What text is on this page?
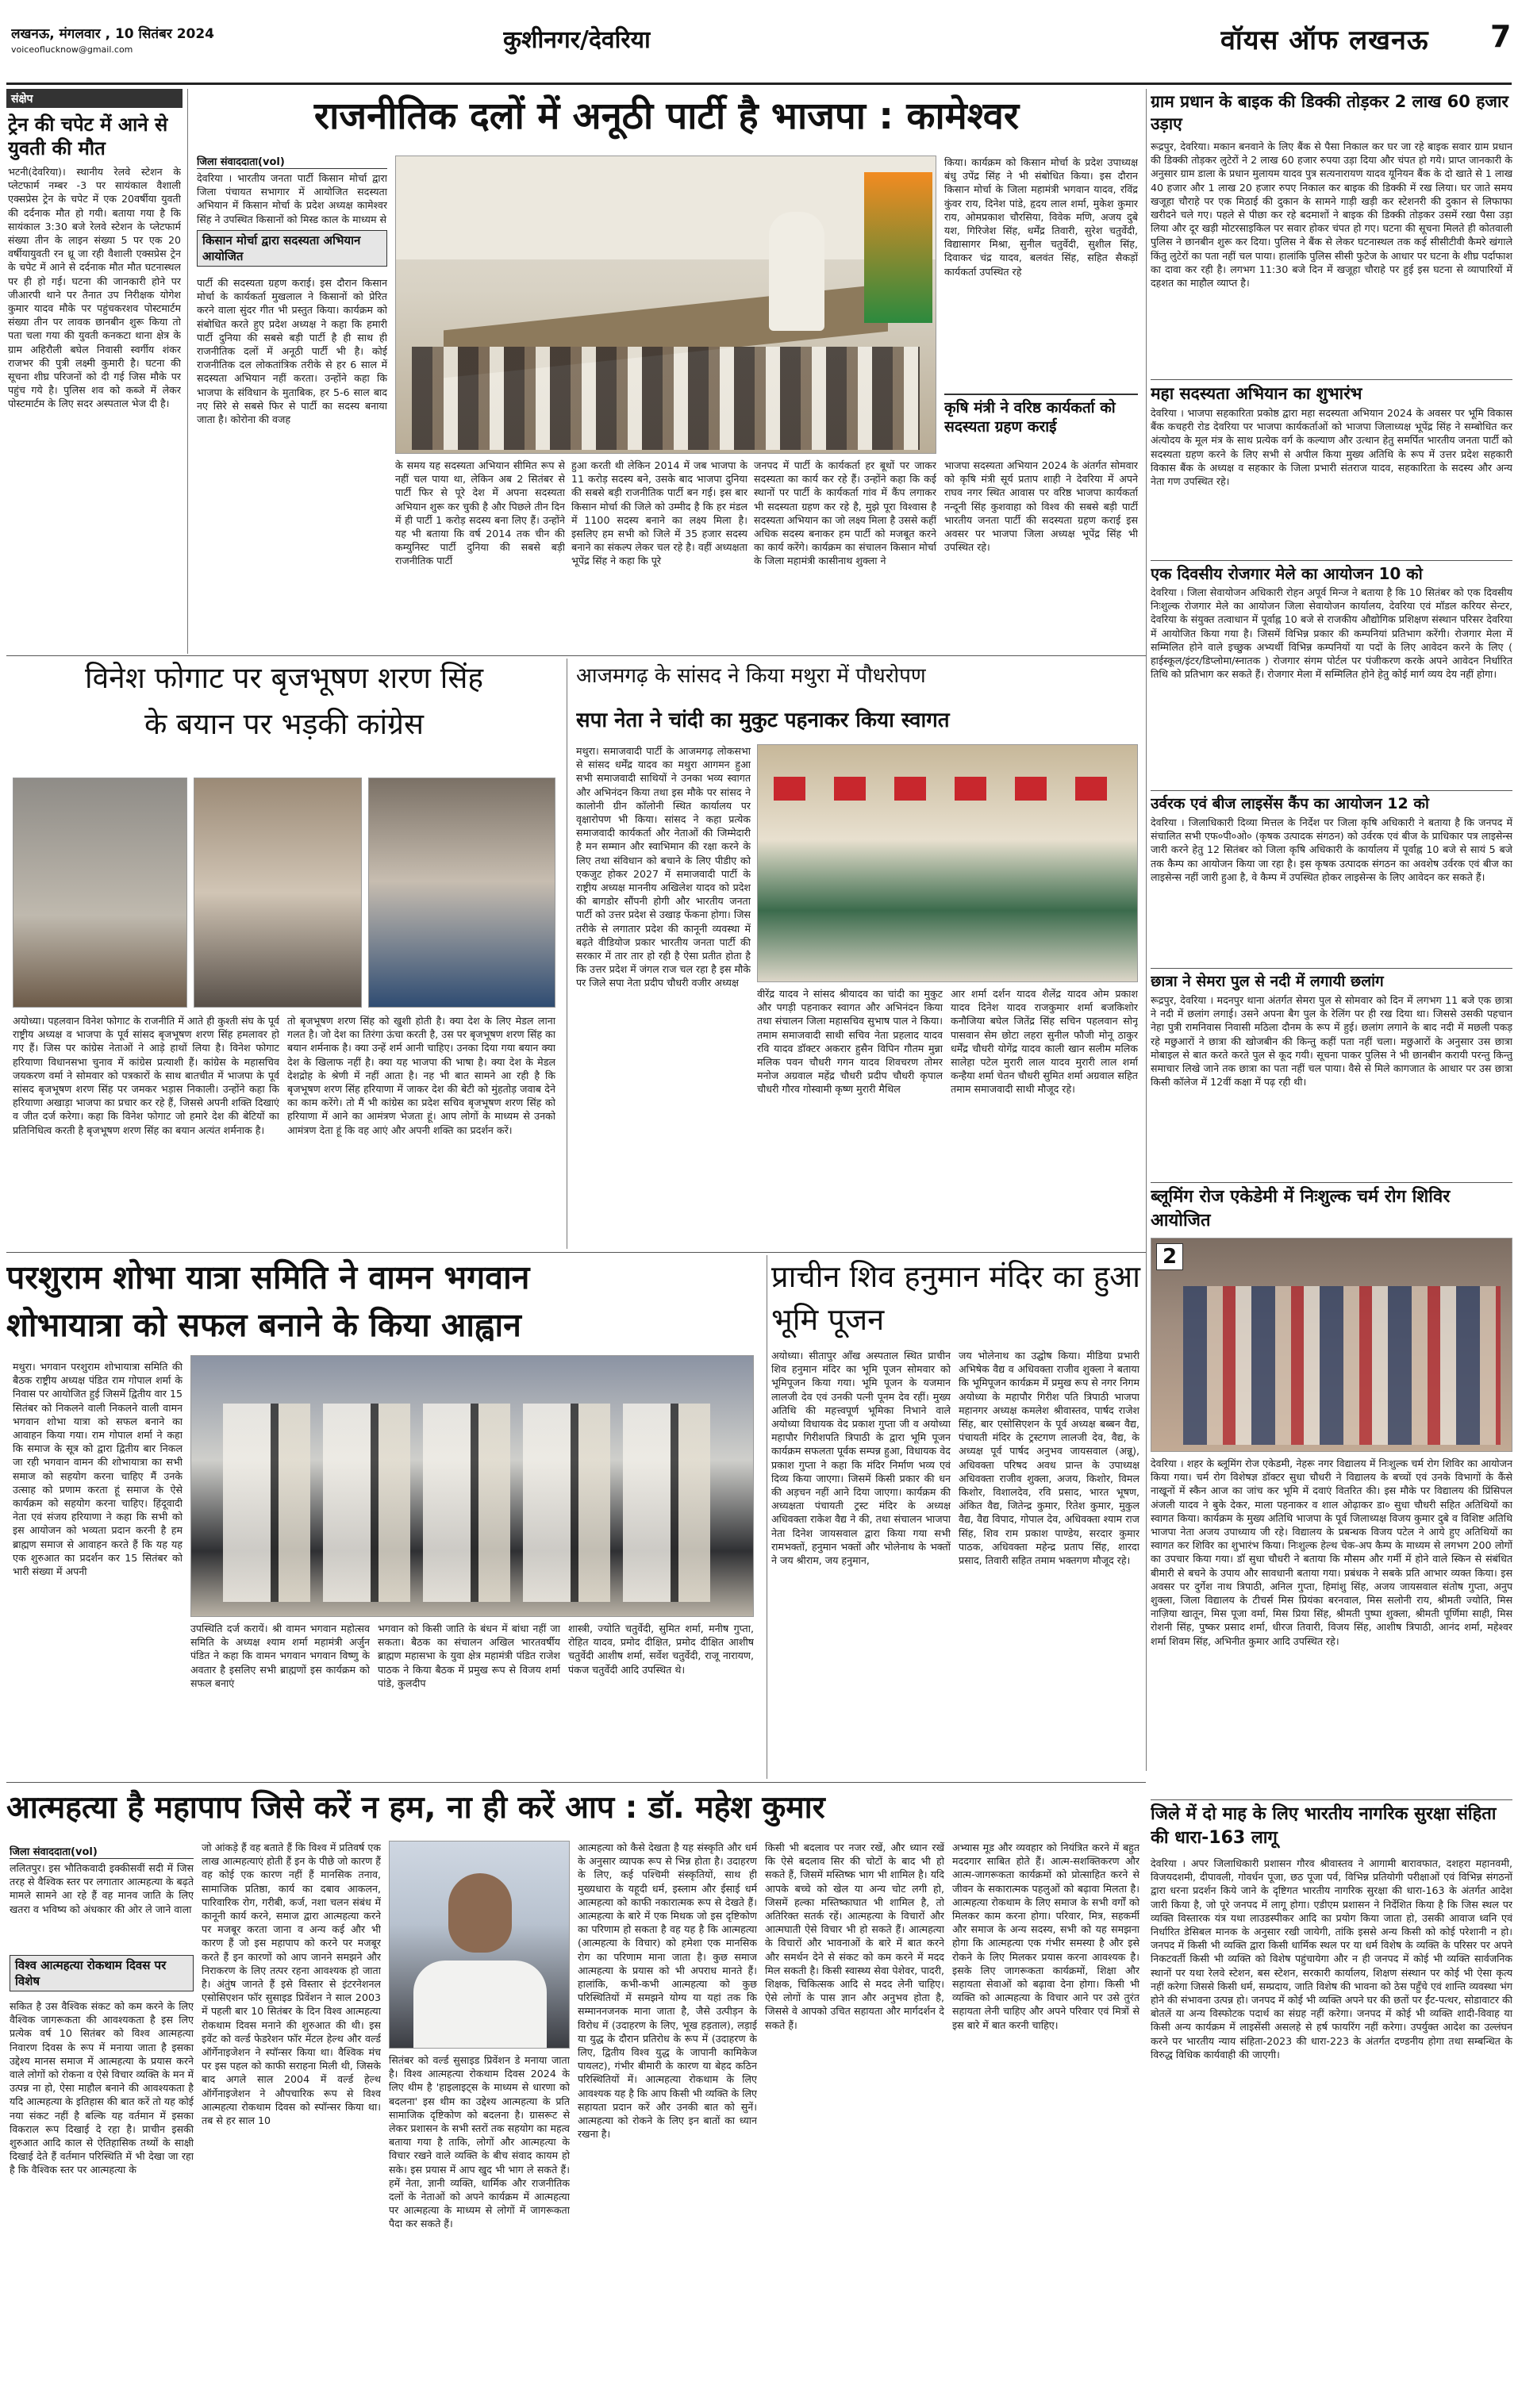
लखनऊ, मंगलवार , 10 सितंबर 2024
voiceoflucknow@gmail.com	कुशीनगर/देवरिया	वॉयस ऑफ लखनऊ 7
संक्षेप
ट्रेन की चपेट में आने से युवती की मौत
भटनी(देवरिया)। स्थानीय रेलवे स्टेशन के प्लेटफार्म नम्बर -3 पर सायंकाल वैशाली एक्सप्रेस ट्रेन के चपेट में एक 20वर्षीया युवती की दर्दनाक मौत हो गयी। बताया गया है कि सायंकाल 3:30 बजे रेलवे स्टेशन के प्लेटफार्म संख्या तीन के लाइन संख्या 5 पर एक 20 वर्षीयायुवती रन थ्रू जा रही वैशाली एक्सप्रेस ट्रेन के चपेट में आने से दर्दनाक मौत मौत घटनास्थल पर ही हो गई। घटना की जानकारी होने पर जीआरपी थाने पर तैनात उप निरीक्षक योगेश कुमार यादव मौके पर पहुंचकरशव पोस्टमार्टम संख्या तीन पर लावक छानबीन शुरू किया तो पता चला गया की युवती कनकटा थाना क्षेत्र के ग्राम अहिरौली बघेल निवासी स्वर्गीय शंकर राजभर की पुत्री लक्ष्मी कुमारी है। घटना की सूचना शीघ्र परिजनों को दी गई जिस मौके पर पहुंच गये है। पुलिस शव को कब्जे में लेकर पोस्टमार्टम के लिए सदर अस्पताल भेज दी है।
राजनीतिक दलों में अनूठी पार्टी है भाजपा : कामेश्वर
जिला संवाददाता(vol)
देवरिया । भारतीय जनता पार्टी किसान मोर्चा द्वारा जिला पंचायत सभागार में आयोजित सदस्यता अभियान में किसान मोर्चा के प्रदेश अध्यक्ष कामेश्वर सिंह ने उपस्थित किसानों को मिस्ड काल के माध्यम से
किसान मोर्चा द्वारा सदस्यता अभियान आयोजित
पार्टी की सदस्यता ग्रहण कराई। इस दौरान किसान मोर्चा के कार्यकर्ता मुखलाल ने किसानों को प्रेरित करने वाला सुंदर गीत भी प्रस्तुत किया। कार्यक्रम को संबोधित करते हुए प्रदेश अध्यक्ष ने कहा कि हमारी पार्टी दुनिया की सबसे बड़ी पार्टी है ही साथ ही राजनीतिक दलों में अनूठी पार्टी भी है। कोई राजनीतिक दल लोकतांत्रिक तरीके से हर 6 साल में सदस्यता अभियान नहीं करता। उन्होंने कहा कि भाजपा के संविधान के मुताबिक, हर 5-6 साल बाद नए सिरे से सबसे फिर से पार्टी का सदस्य बनाया जाता है। कोरोना की वजह
के समय यह सदस्यता अभियान सीमित रूप से नहीं चल पाया था, लेकिन अब 2 सितंबर से पार्टी फिर से पूरे देश में अपना सदस्यता अभियान शुरू कर चुकी है और पिछले तीन दिन में ही पार्टी 1 करोड़ सदस्य बना लिए हैं। उन्होंने यह भी बताया कि वर्ष 2014 तक चीन की कम्युनिस्ट पार्टी दुनिया की सबसे बड़ी राजनीतिक पार्टी
हुआ करती थी लेकिन 2014 में जब भाजपा के 11 करोड़ सदस्य बने, उसके बाद भाजपा दुनिया की सबसे बड़ी राजनीतिक पार्टी बन गई। इस बार किसान मोर्चा की जिले को उम्मीद है कि हर मंडल में 1100 सदस्य बनाने का लक्ष्य मिला है। इसलिए हम सभी को जिले में 35 हजार सदस्य बनाने का संकल्प लेकर चल रहे है। वहीं अध्यक्षता भूपेंद्र सिंह ने कहा कि पूरे
जनपद में पार्टी के कार्यकर्ता हर बूथों पर जाकर सदस्यता का कार्य कर रहे हैं। उन्होंने कहा कि कई स्थानों पर पार्टी के कार्यकर्ता गांव में कैंप लगाकर भी सदस्यता ग्रहण कर रहे है, मुझे पूरा विश्वास है सदस्यता अभियान का जो लक्ष्य मिला है उससे कहीं अधिक सदस्य बनाकर हम पार्टी को मजबूत करने का कार्य करेंगे। कार्यक्रम का संचालन किसान मोर्चा के जिला महामंत्री कासीनाथ शुक्ला ने
किया। कार्यक्रम को किसान मोर्चा के प्रदेश उपाध्यक्ष बंधु उपेंद्र सिंह ने भी संबोधित किया। इस दौरान किसान मोर्चा के जिला महामंत्री भगवान यादव, रविंद्र कुंवर राय, दिनेश पांडे, हृदय लाल शर्मा, मुकेश कुमार राय, ओमप्रकाश चौरसिया, विवेक मणि, अजय दुबे यश, गिरिजेश सिंह, धर्मेंद्र तिवारी, सुरेश चतुर्वेदी, विद्यासागर मिश्रा, सुनील चतुर्वेदी, सुशील सिंह, दिवाकर चंद्र यादव, बलवंत सिंह, सहित सैकड़ों कार्यकर्ता उपस्थित रहे
कृषि मंत्री ने वरिष्ठ कार्यकर्ता को सदस्यता ग्रहण कराई
भाजपा सदस्यता अभियान 2024 के अंतर्गत सोमवार को कृषि मंत्री सूर्य प्रताप शाही ने देवरिया में अपने राघव नगर स्थित आवास पर वरिष्ठ भाजपा कार्यकर्ता नन्दूनी सिंह कुशवाहा को विश्व की सबसे बड़ी पार्टी भारतीय जनता पार्टी की सदस्यता ग्रहण कराई इस अवसर पर भाजपा जिला अध्यक्ष भूपेंद्र सिंह भी उपस्थित रहे।
ग्राम प्रधान के बाइक की डिक्की तोड़कर 2 लाख 60 हजार उड़ाए
रूद्रपुर, देवरिया। मकान बनवाने के लिए बैंक से पैसा निकाल कर घर जा रहे बाइक सवार ग्राम प्रधान की डिक्की तोड़कर लुटेरों ने 2 लाख 60 हजार रुपया उड़ा दिया और चंपत हो गये। प्राप्त जानकारी के अनुसार ग्राम डाला के प्रधान मुलायम यादव पुत्र सत्यनारायण यादव यूनियन बैंक के दो खाते से 1 लाख 40 हजार और 1 लाख 20 हजार रुपए निकाल कर बाइक की डिक्की में रख लिया। घर जाते समय खजूहा चौराहे पर एक मिठाई की दुकान के सामने गाड़ी खड़ी कर स्टेशनरी की दुकान से लिफाफा खरीदने चले गए। पहले से पीछा कर रहे बदमाशों ने बाइक की डिक्की तोड़कर उसमें रखा पैसा उड़ा लिया और दूर खड़ी मोटरसाइकिल पर सवार होकर चंपत हो गए। घटना की सूचना मिलते ही कोतवाली पुलिस ने छानबीन शुरू कर दिया। पुलिस ने बैंक से लेकर घटनास्थल तक कई सीसीटीवी कैमरे खंगाले किंतु लुटेरों का पता नहीं चल पाया। हालांकि पुलिस सीसी फुटेज के आधार पर घटना के शीघ्र पर्दाफाश का दावा कर रही है। लगभग 11:30 बजे दिन में खजूहा चौराहे पर हुई इस घटना से व्यापारियों में दहशत का माहौल व्याप्त है।
महा सदस्यता अभियान का शुभारंभ
देवरिया । भाजपा सहकारिता प्रकोष्ठ द्वारा महा सदस्यता अभियान 2024 के अवसर पर भूमि विकास बैंक कचहरी रोड देवरिया पर भाजपा कार्यकर्ताओं को भाजपा जिलाध्यक्ष भूपेंद्र सिंह ने सम्बोधित कर अंत्योदय के मूल मंत्र के साथ प्रत्येक वर्ग के कल्याण और उत्थान हेतु समर्पित भारतीय जनता पार्टी को सदस्यता ग्रहण करने के लिए सभी से अपील किया मुख्य अतिथि के रूप में उत्तर प्रदेश सहकारी विकास बैंक के अध्यक्ष व सहकार के जिला प्रभारी संतराज यादव, सहकारिता के सदस्य और अन्य नेता गण उपस्थित रहे।
एक दिवसीय रोजगार मेले का आयोजन 10 को
देवरिया । जिला सेवायोजन अधिकारी रोहन अपूर्व मिन्ज ने बताया है कि 10 सितंबर को एक दिवसीय निःशुल्क रोजगार मेले का आयोजन जिला सेवायोजन कार्यालय, देवरिया एवं मॉडल करियर सेन्टर, देवरिया के संयुक्त तत्वाधान में पूर्वाह्न 10 बजे से राजकीय औद्योगिक प्रशिक्षण संस्थान परिसर देवरिया में आयोजित किया गया है। जिसमें विभिन्न प्रकार की कम्पनियां प्रतिभाग करेंगी। रोजगार मेला में सम्मिलित होने वाले इच्छुक अभ्यर्थी विभिन्न कम्पनियों या पदों के लिए आवेदन करने के लिए ( हाईस्कूल/इंटर/डिप्लोमा/स्नातक ) रोजगार संगम पोर्टल पर पंजीकरण करके अपने आवेदन निर्धारित तिथि को प्रतिभाग कर सकते हैं। रोजगार मेला में सम्मिलित होने हेतु कोई मार्ग व्यय देय नहीं होगा।
उर्वरक एवं बीज लाइसेंस कैंप का आयोजन 12 को
देवरिया । जिलाधिकारी दिव्या मित्तल के निर्देश पर जिला कृषि अधिकारी ने बताया है कि जनपद में संचालित सभी एफ०पी०ओ० (कृषक उत्पादक संगठन) को उर्वरक एवं बीज के प्राधिकार पत्र लाइसेन्स जारी करने हेतु 12 सितंबर को जिला कृषि अधिकारी के कार्यालय में पूर्वाह्न 10 बजे से सायं 5 बजे तक कैम्प का आयोजन किया जा रहा है। इस कृषक उत्पादक संगठन का अवशेष उर्वरक एवं बीज का लाइसेन्स नहीं जारी हुआ है, वे कैम्प में उपस्थित होकर लाइसेन्स के लिए आवेदन कर सकते हैं।
छात्रा ने सेमरा पुल से नदी में लगायी छलांग
रूद्रपुर, देवरिया । मदनपुर थाना अंतर्गत सेमरा पुल से सोमवार को दिन में लगभग 11 बजे एक छात्रा ने नदी में छलांग लगाई। उसने अपना बैग पुल के रेलिंग पर ही रख दिया था। जिससे उसकी पहचान नेहा पुत्री रामनिवास निवासी मठिला दौनम के रूप में हुई। छलांग लगाने के बाद नदी में मछली पकड़ रहे मछुआरों ने छात्रा की खोजबीन की किन्तु कहीं पता नहीं चला। मछुआरों के अनुसार उस छात्रा मोबाइल से बात करते करते पुल से कूद गयी। सूचना पाकर पुलिस ने भी छानबीन करायी परन्तु किन्तु समाचार लिखे जाने तक छात्रा का पता नहीं चल पाया। वैसे से मिले कागजात के आधार पर उस छात्रा किसी कॉलेज में 12वीं कक्षा में पढ़ रही थी।
ब्लूमिंग रोज एकेडेमी में निःशुल्क चर्म रोग शिविर आयोजित
2
देवरिया । शहर के ब्लूमिंग रोज एकेडमी, नेहरू नगर विद्यालय में निःशुल्क चर्म रोग शिविर का आयोजन किया गया। चर्म रोग विशेषज्ञ डॉक्टर सुधा चौधरी ने विद्यालय के बच्चों एवं उनके विभागों के कैंसे नाखूनों में स्कैन आज का जांच कर भूमि में दवाएं वितरित की। इस मौके पर विद्यालय की प्रिंसिपल अंजली यादव ने बुके देकर, माला पहनाकर व शाल ओढ़ाकर डा० सुधा चौधरी सहित अतिथियों का स्वागत किया। कार्यक्रम के मुख्य अतिथि भाजपा के पूर्व जिलाध्यक्ष विजय कुमार दुबे व विशिष्ट अतिथि भाजपा नेता अजय उपाध्याय जी रहे। विद्यालय के प्रबन्धक विजय पटेल ने आये हुए अतिथियों का स्वागत कर शिविर का शुभारंभ किया। निःशुल्क हेल्थ चेक-अप कैम्प के माध्यम से लगभग 200 लोगों का उपचार किया गया। डॉ सुधा चौधरी ने बताया कि मौसम और गर्मी में होने वाले स्किन से संबंधित बीमारी से बचने के उपाय और सावधानी बताया गया। प्रबंधक ने सबके प्रति आभार व्यक्त किया। इस अवसर पर दुर्गेश नाथ त्रिपाठी, अनिल गुप्ता, हिमांशु सिंह, अजय जायसवाल संतोष गुप्ता, अनुप शुक्ला, जिला विद्यालय के टीचर्स मिस प्रियंका बरनवाल, मिस सलोनी राय, श्रीमती ज्योति, मिस नाज़िया खातून, मिस पूजा वर्मा, मिस प्रिया सिंह, श्रीमती पुष्पा शुक्ला, श्रीमती पूर्णिमा साही, मिस रोशनी सिंह, पुष्कर प्रसाद शर्मा, धीरज तिवारी, विजय सिंह, आशीष त्रिपाठी, आनंद शर्मा, महेश्वर शर्मा शिवम सिंह, अभिनीत कुमार आदि उपस्थित रहे।
जिले में दो माह के लिए भारतीय नागरिक सुरक्षा संहिता की धारा-163 लागू
देवरिया । अपर जिलाधिकारी प्रशासन गौरव श्रीवास्तव ने आगामी बारावफात, दशहरा महानवमी, विजयदशमी, दीपावली, गोवर्धन पूजा, छठ पूजा पर्व, विभिन्न प्रतियोगी परीक्षाओं एवं विभिन्न संगठनों द्वारा धरना प्रदर्शन किये जाने के दृष्टिगत भारतीय नागरिक सुरक्षा की धारा-163 के अंतर्गत आदेश जारी किया है, जो पूरे जनपद में लागू होगा। एडीएम प्रशासन ने निर्देशित किया है कि जिस स्थल पर व्यक्ति विस्तारक यंत्र यथा लाउडस्पीकर आदि का प्रयोग किया जाता हो, उसकी आवाज ध्वनि एवं निर्धारित डेसिबल मानक के अनुसार रखी जायेगी, तांकि इससे अन्य किसी को कोई परेशानी न हो। जनपद में किसी भी व्यक्ति द्वारा किसी धार्मिक स्थल पर या धर्म विशेष के व्यक्ति के परिसर पर अपने निकटवर्ती किसी भी व्यक्ति को विशेष पहुंचायेगा और न ही जनपद में कोई भी व्यक्ति सार्वजनिक स्थानों पर यथा रेलवे स्टेशन, बस स्टेशन, सरकारी कार्यालय, शिक्षण संस्थान पर कोई भी ऐसा कृत्य नहीं करेगा जिससे किसी धर्म, सम्प्रदाय, जाति विशेष की भावना को ठेस पहुँचे एवं शान्ति व्यवस्था भंग होने की संभावना उत्पन्न हो। जनपद में कोई भी व्यक्ति अपने घर की छतों पर ईंट-पत्थर, सोडावाटर की बोतलें या अन्य विस्फोटक पदार्थ का संग्रह नहीं करेगा। जनपद में कोई भी व्यक्ति शादी-विवाह या किसी अन्य कार्यक्रम में लाइसेंसी असलहे से हर्ष फायरिंग नहीं करेगा। उपर्युक्त आदेश का उल्लंघन करने पर भारतीय न्याय संहिता-2023 की धारा-223 के अंतर्गत दण्डनीय होगा तथा सम्बन्धित के विरुद्ध विधिक कार्यवाही की जाएगी।
विनेश फोगाट पर बृजभूषण शरण सिंह
के बयान पर भड़की कांग्रेस
अयोध्या। पहलवान विनेश फोगाट के राजनीति में आते ही कुश्ती संघ के पूर्व राष्ट्रीय अध्यक्ष व भाजपा के पूर्व सांसद बृजभूषण शरण सिंह हमलावर हो गए हैं। जिस पर कांग्रेस नेताओं ने आड़े हाथों लिया है। विनेश फोगाट हरियाणा विधानसभा चुनाव में कांग्रेस प्रत्याशी हैं। कांग्रेस के महासचिव जयकरण वर्मा ने सोमवार को पत्रकारों के साथ बातचीत में भाजपा के पूर्व सांसद बृजभूषण शरण सिंह पर जमकर भड़ास निकाली। उन्होंने कहा कि हरियाणा अखाड़ा भाजपा का प्रचार कर रहे हैं, जिससे अपनी शक्ति दिखाएं व जीत दर्ज करेगा। कहा कि विनेश फोगाट जो हमारे देश की बेटियों का प्रतिनिधित्व करती है बृजभूषण शरण सिंह का बयान अत्यंत शर्मनाक है।
तो बृजभूषण शरण सिंह को खुशी होती है। क्या देश के लिए मेडल लाना गलत है। जो देश का तिरंगा ऊंचा करती है, उस पर बृजभूषण शरण सिंह का बयान शर्मनाक है। क्या उन्हें शर्म आनी चाहिए। उनका दिया गया बयान क्या देश के खिलाफ नहीं है। क्या यह भाजपा की भाषा है। क्या देश के मेडल देशद्रोह के श्रेणी में नहीं आता है। नह भी बात सामने आ रही है कि बृजभूषण शरण सिंह हरियाणा में जाकर देश की बेटी को मुंहतोड़ जवाब देने का काम करेंगे। तो मैं भी कांग्रेस का प्रदेश सचिव बृजभूषण शरण सिंह को हरियाणा में आने का आमंत्रण भेजता हूं। आप लोगों के माध्यम से उनको आमंत्रण देता हूं कि वह आएं और अपनी शक्ति का प्रदर्शन करें।
आजमगढ़ के सांसद ने किया मथुरा में पौधरोपण
सपा नेता ने चांदी का मुकुट पहनाकर किया स्वागत
मथुरा। समाजवादी पार्टी के आजमगढ़ लोकसभा से सांसद धर्मेंद्र यादव का मथुरा आगमन हुआ सभी समाजवादी साथियों ने उनका भव्य स्वागत और अभिनंदन किया तथा इस मौके पर सांसद ने कालोनी ग्रीन कॉलोनी स्थित कार्यालय पर वृक्षारोपण भी किया। सांसद ने कहा प्रत्येक समाजवादी कार्यकर्ता और नेताओं की जिम्मेदारी है मन सम्मान और स्वाभिमान की रक्षा करने के लिए तथा संविधान को बचाने के लिए पीडीए को एकजुट होकर 2027 में समाजवादी पार्टी के राष्ट्रीय अध्यक्ष माननीय अखिलेश यादव को प्रदेश की बागडोर सौंपनी होगी और भारतीय जनता पार्टी को उत्तर प्रदेश से उखाड़ फेंकना होगा। जिस तरीके से लगातार प्रदेश की कानूनी व्यवस्था में बढ़ते वीडियोज प्रकार भारतीय जनता पार्टी की सरकार में तार तार हो रही है ऐसा प्रतीत होता है कि उत्तर प्रदेश में जंगल राज चल रहा है इस मौके पर जिले सपा नेता प्रदीप चौधरी वजीर अध्यक्ष
वीरेंद्र यादव ने सांसद श्रीयादव का चांदी का मुकुट और पगड़ी पहनाकर स्वागत और अभिनंदन किया तथा संचालन जिला महासचिव सुभाष पाल ने किया। तमाम समाजवादी साथी सचिव नेता प्रहलाद यादव रवि यादव डॉक्टर अकरार हुसैन विपिन गौतम मुन्ना मलिक पवन चौधरी गगन यादव शिवचरण तोमर मनोज अग्रवाल महेंद्र चौधरी प्रदीप चौधरी कृपाल चौधरी गौरव गोस्वामी कृष्ण मुरारी मैथिल
आर शर्मा दर्शन यादव शैलेंद्र यादव ओम प्रकाश यादव दिनेश यादव राजकुमार शर्मा बजकिशोर कनौजिया बघेल जितेंद्र सिंह सचिन पहलवान सोनू पासवान सेम छोटा लहरा सुनील फौजी मोनू ठाकुर धर्मेंद्र चौधरी योगेंद्र यादव काली खान सलीम मलिक सालेहा पटेल मुरारी लाल यादव मुरारी लाल शर्मा कन्हैया शर्मा चेतन चौधरी सुमित शर्मा अग्रवाल सहित तमाम समाजवादी साथी मौजूद रहे।
परशुराम शोभा यात्रा समिति ने वामन भगवान
शोभायात्रा को सफल बनाने के किया आह्वान
मथुरा। भगवान परशुराम शोभायात्रा समिति की बैठक राष्ट्रीय अध्यक्ष पंडित राम गोपाल शर्मा के निवास पर आयोजित हुई जिसमें द्वितीय वार 15 सितंबर को निकलने वाली निकलने वाली वामन भगवान शोभा यात्रा को सफल बनाने का आवाहन किया गया। राम गोपाल शर्मा ने कहा कि समाज के सूत्र को द्वारा द्वितीय बार निकल जा रही भगवान वामन की शोभायात्रा का सभी समाज को सहयोग करना चाहिए मैं उनके उत्साह को प्रणाम करता हूं समाज के ऐसे कार्यक्रम को सहयोग करना चाहिए। हिंदूवादी नेता एवं संजय हरियाणा ने कहा कि सभी को इस आयोजन को भव्यता प्रदान करनी है हम ब्राह्मण समाज से आवाहन करते हैं कि यह यह एक शुरुआत का प्रदर्शन कर 15 सितंबर को भारी संख्या में अपनी
उपस्थिति दर्ज करायें। श्री वामन भगवान महोत्सव समिति के अध्यक्ष श्याम शर्मा महामंत्री अर्जुन पंडित ने कहा कि वामन भगवान भगवान विष्णु के अवतार है इसलिए सभी ब्राह्मणों इस कार्यक्रम को सफल बनाएं
भगवान को किसी जाति के बंधन में बांधा नहीं जा सकता। बैठक का संचालन अखिल भारतवर्षीय ब्राह्मण महासभा के युवा क्षेत्र महामंत्री पंडित राजेश पाठक ने किया बैठक में प्रमुख रूप से विजय शर्मा पांडे, कुलदीप
शास्त्री, ज्योति चतुर्वेदी, सुमित शर्मा, मनीष गुप्ता, रोहित यादव, प्रमोद दीक्षित, प्रमोद दीक्षित आशीष चतुर्वेदी आशीष शर्मा, सर्वेश चतुर्वेदी, राजू नारायण, पंकज चतुर्वेदी आदि उपस्थित थे।
प्राचीन शिव हनुमान मंदिर का हुआ भूमि पूजन
अयोध्या। सीतापुर आँख अस्पताल स्थित प्राचीन शिव हनुमान मंदिर का भूमि पूजन सोमवार को भूमिपूजन किया गया। भूमि पूजन के यजमान लालजी देव एवं उनकी पत्नी पूनम देव रहीं। मुख्य अतिथि की महत्त्वपूर्ण भूमिका निभाने वाले अयोध्या विधायक वेद प्रकाश गुप्ता जी व अयोध्या महापौर गिरीशपति त्रिपाठी के द्वारा भूमि पूजन कार्यक्रम सफलता पूर्वक सम्पन्न हुआ, विधायक वेद प्रकाश गुप्ता ने कहा कि मंदिर निर्माण भव्य एवं दिव्य किया जाएगा। जिसमें किसी प्रकार की धन की अड़चन नहीं आने दिया जाएगा। कार्यक्रम की अध्यक्षता पंचायती ट्रस्ट मंदिर के अध्यक्ष अधिवक्ता राकेश वैद्य ने की, तथा संचालन भाजपा नेता दिनेश जायसवाल द्वारा किया गया सभी रामभक्तों, हनुमान भक्तों और भोलेनाथ के भक्तों ने जय श्रीराम, जय हनुमान,
जय भोलेनाथ का उद्घोष किया। मीडिया प्रभारी अभिषेक वैद्य व अधिवक्ता राजीव शुक्ला ने बताया कि भूमिपूजन कार्यक्रम में प्रमुख रूप से नगर निगम अयोध्या के महापौर गिरीश पति त्रिपाठी भाजपा महानगर अध्यक्ष कमलेश श्रीवास्तव, पार्षद राजेश सिंह, बार एसोसिएशन के पूर्व अध्यक्ष बब्बन वैद्य, पंचायती मंदिर के ट्रस्टगण लालजी देव, वैद्य, के अध्यक्ष पूर्व पार्षद अनुभव जायसवाल (अन्नू), अधिवक्ता परिषद अवध प्रान्त के उपाध्यक्ष अधिवक्ता राजीव शुक्ला, अजय, किशोर, विमल किशोर, विशालदेव, रवि प्रसाद, भारत भूषण, अंकित वैद्य, जितेन्द्र कुमार, रितेश कुमार, मुकुल वैद्य, वैद्य विपाद, गोपाल देव, अधिवक्ता श्याम राज सिंह, शिव राम प्रकाश पाण्डेय, सरदार कुमार पाठक, अधिवक्ता महेन्द्र प्रताप सिंह, शारदा प्रसाद, तिवारी सहित तमाम भक्तगण मौजूद रहे।
आत्महत्या है महापाप जिसे करें न हम, ना ही करें आप : डॉ. महेश कुमार
जिला संवाददाता(vol)
ललितपुर। इस भौतिकवादी इक्कीसवीं सदी में जिस तरह से वैश्विक स्तर पर लगातार आत्महत्या के बढ़ते मामले सामने आ रहे हैं वह मानव जाति के लिए खतरा व भविष्य को अंधकार की ओर ले जाने वाला
विश्व आत्महत्या रोकथाम दिवस पर विशेष
सकित है उस वैश्विक संकट को कम करने के लिए वैश्विक जागरूकता की आवश्यकता है इस लिए प्रत्येक वर्ष 10 सितंबर को विश्व आत्महत्या निवारण दिवस के रूप में मनाया जाता है इसका उद्देश्य मानस समाज में आत्महत्या के प्रयास करने वाले लोगों को रोकना व ऐसे विचार व्यक्ति के मन में उत्पन्न ना हो, ऐसा माहौल बनाने की आवश्यकता है यदि आत्महत्या के इतिहास की बात करें तो यह कोई नया संकट नहीं है बल्कि यह वर्तमान में इसका विकराल रूप दिखाई दे रहा है। प्राचीन इसकी शुरुआत आदि काल से ऐतिहासिक तथ्यों के साक्षी दिखाई देते हैं वर्तमान परिस्थिति में भी देखा जा रहा है कि वैश्विक स्तर पर आत्महत्या के
जो आंकड़े हैं वह बताते हैं कि विश्व में प्रतिवर्ष एक लाख आत्महत्याएं होती हैं इन के पीछे जो कारण हैं वह कोई एक कारण नहीं हैं मानसिक तनाव, सामाजिक प्रतिष्ठा, कार्य का दबाव आकलन, पारिवारिक रोग, गरीबी, कर्ज, नशा चलन संबंध में कानूनी कार्य करने, समाज द्वारा आत्महत्या करने पर मजबूर करता जाना व अन्य कई और भी कारण हैं जो इस महापाप को करने पर मजबूर करते हैं इन कारणों को आप जानने समझने और निराकरण के लिए तत्पर रहना आवश्यक हो जाता है। अंतुंष जानते हैं इसे विस्तार से इंटरनेशनल एसोसिएशन फॉर सुसाइड प्रिवेंशन ने साल 2003 में पहली बार 10 सितंबर के दिन विश्व आत्महत्या रोकथाम दिवस मनाने की शुरुआत की थी। इस इवेंट को वर्ल्ड फेडरेशन फॉर मेंटल हेल्थ और वर्ल्ड ऑर्गेनाइजेशन ने स्पॉन्सर किया था। वैश्विक मंच पर इस पहल को काफी सराहना मिली थी, जिसके बाद अगले साल 2004 में वर्ल्ड हेल्थ ऑर्गेनाइजेशन ने औपचारिक रूप से विश्व आत्महत्या रोकथाम दिवस को स्पॉन्सर किया था। तब से हर साल 10
सितंबर को वर्ल्ड सुसाइड प्रिवेंशन डे मनाया जाता है। विश्व आत्महत्या रोकथाम दिवस 2024 के लिए थीम है 'हाइलाइट्स के माध्यम से धारणा को बदलना' इस थीम का उद्देश्य आत्महत्या के प्रति सामाजिक दृष्टिकोण को बदलना है। ग्रासरूट से लेकर प्रशासन के सभी स्तरों तक सहयोग का महत्व बताया गया है ताकि, लोगों और आत्महत्या के विचार रखने वाले व्यक्ति के बीच संवाद कायम हो सके। इस प्रयास में आप खुद भी भाग ले सकते हैं। हमें नेता, ज्ञानी व्यक्ति, धार्मिक और राजनीतिक दलों के नेताओं को अपने कार्यक्रम में आत्महत्या पर आत्महत्या के माध्यम से लोगों में जागरूकता पैदा कर सकते हैं।
आत्महत्या को कैसे देखता है यह संस्कृति और धर्म के अनुसार व्यापक रूप से भिन्न होता है। उदाहरण के लिए, कई पश्चिमी संस्कृतियों, साथ ही मुख्यधारा के यहूदी धर्म, इस्लाम और ईसाई धर्म आत्महत्या को काफी नकारात्मक रूप से देखते हैं। आत्महत्या के बारे में एक मिथक जो इस दृष्टिकोण का परिणाम हो सकता है वह यह है कि आत्महत्या (आत्महत्या के विचार) को हमेशा एक मानसिक रोग का परिणाम माना जाता है। कुछ समाज आत्महत्या के प्रयास को भी अपराध मानते हैं। हालांकि, कभी-कभी आत्महत्या को कुछ परिस्थितियों में समझने योग्य या यहां तक कि सम्माननजनक माना जाता है, जैसे उत्पीड़न के विरोध में (उदाहरण के लिए, भूख हड़ताल), लड़ाई या युद्ध के दौरान प्रतिरोध के रूप में (उदाहरण के लिए, द्वितीय विश्व युद्ध के जापानी कामिकेज पायलट), गंभीर बीमारी के कारण या बेहद कठिन परिस्थितियों में। आत्महत्या रोकथाम के लिए आवश्यक यह है कि आप किसी भी व्यक्ति के लिए सहायता प्रदान करें और उनकी बात को सुनें। आत्महत्या को रोकने के लिए इन बातों का ध्यान रखना है।
किसी भी बदलाव पर नजर रखें, और ध्यान रखें कि ऐसे बदलाव सिर की चोटों के बाद भी हो सकते हैं, जिसमें मस्तिष्क भाग भी शामिल है। यदि आपके बच्चे को खेल या अन्य चोट लगी हो, जिसमें हल्का मस्तिष्काघात भी शामिल है, तो अतिरिक्त सतर्क रहें। आत्महत्या के विचारों और आत्मघाती ऐसे विचार भी हो सकते हैं। आत्महत्या के विचारों और भावनाओं के बारे में बात करने और समर्थन देने से संकट को कम करने में मदद मिल सकती है। किसी स्वास्थ्य सेवा पेशेवर, पादरी, शिक्षक, चिकित्सक आदि से मदद लेनी चाहिए। ऐसे लोगों के पास ज्ञान और अनुभव होता है, जिससे वे आपको उचित सहायता और मार्गदर्शन दे सकते हैं।
अभ्यास मूड और व्यवहार को नियंत्रित करने में बहुत मददगार साबित होते हैं। आत्म-सशक्तिकरण और आत्म-जागरूकता कार्यक्रमों को प्रोत्साहित करने से जीवन के सकारात्मक पहलुओं को बढ़ावा मिलता है। आत्महत्या रोकथाम के लिए समाज के सभी वर्गों को मिलकर काम करना होगा। परिवार, मित्र, सहकर्मी और समाज के अन्य सदस्य, सभी को यह समझना होगा कि आत्महत्या एक गंभीर समस्या है और इसे रोकने के लिए मिलकर प्रयास करना आवश्यक है। इसके लिए जागरूकता कार्यक्रमों, शिक्षा और सहायता सेवाओं को बढ़ावा देना होगा। किसी भी व्यक्ति को आत्महत्या के विचार आने पर उसे तुरंत सहायता लेनी चाहिए और अपने परिवार एवं मित्रों से इस बारे में बात करनी चाहिए।
